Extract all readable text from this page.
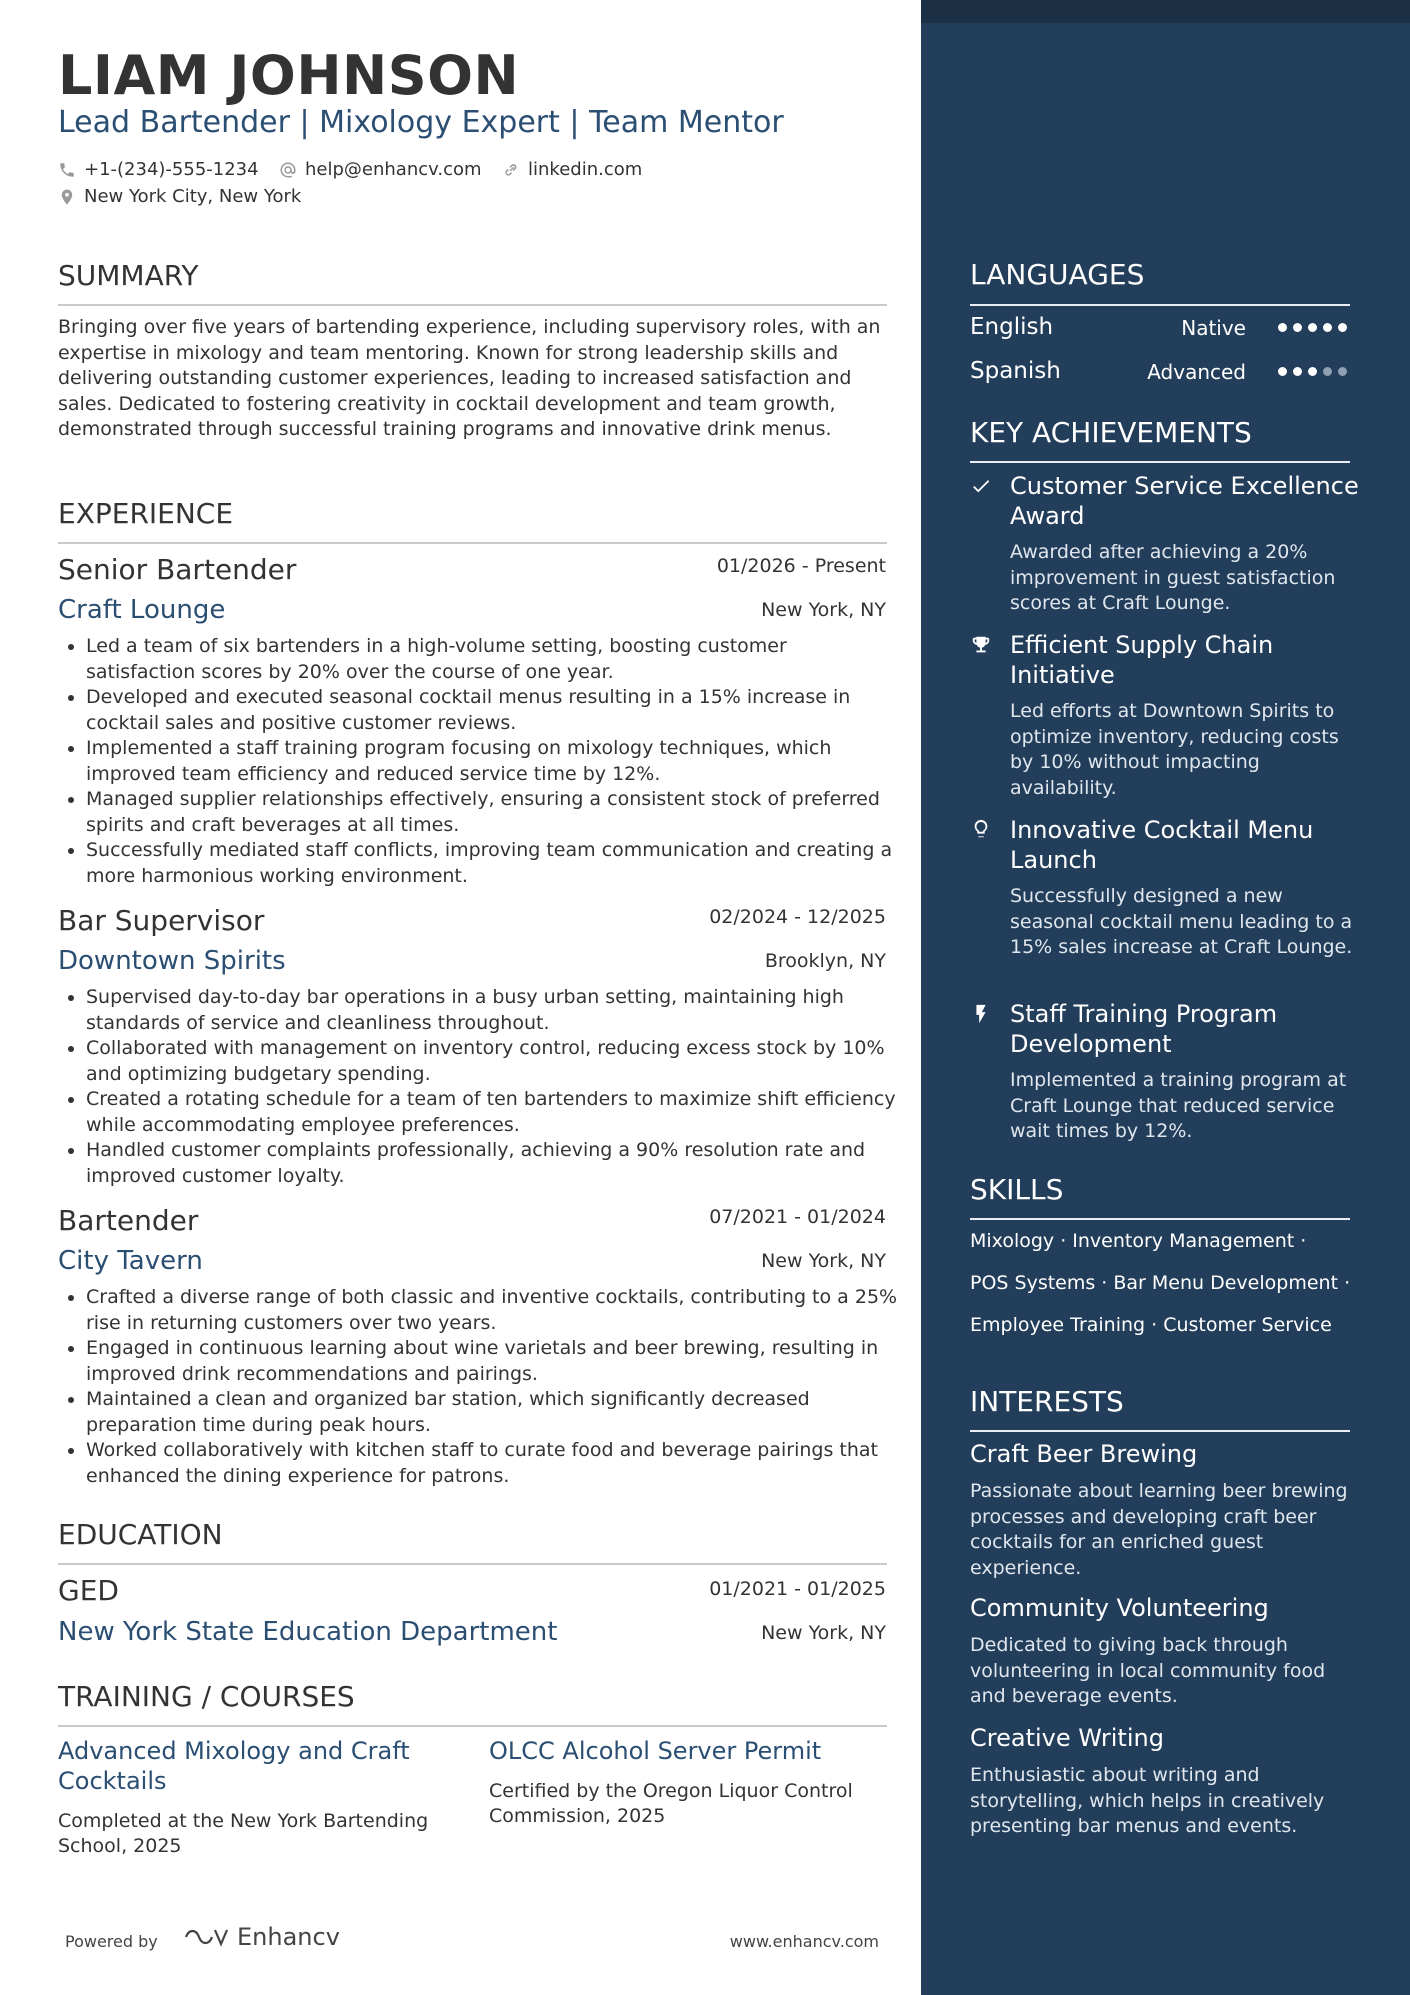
LIAM JOHNSON
Lead Bartender | Mixology Expert | Team Mentor
+1-(234)-555-1234	help@enhancv.com	linkedin.com
New York City, New York
SUMMARY
Bringing over five years of bartending experience, including supervisory roles, with an expertise in mixology and team mentoring. Known for strong leadership skills and delivering outstanding customer experiences, leading to increased satisfaction and sales. Dedicated to fostering creativity in cocktail development and team growth, demonstrated through successful training programs and innovative drink menus.
EXPERIENCE
Senior Bartender	01/2026 - Present
Craft Lounge	New York, NY
• Led a team of six bartenders in a high-volume setting, boosting customer satisfaction scores by 20% over the course of one year.
• Developed and executed seasonal cocktail menus resulting in a 15% increase in cocktail sales and positive customer reviews.
• Implemented a staff training program focusing on mixology techniques, which improved team efficiency and reduced service time by 12%.
• Managed supplier relationships effectively, ensuring a consistent stock of preferred spirits and craft beverages at all times.
• Successfully mediated staff conflicts, improving team communication and creating a more harmonious working environment.
Bar Supervisor	02/2024 - 12/2025
Downtown Spirits	Brooklyn, NY
• Supervised day-to-day bar operations in a busy urban setting, maintaining high standards of service and cleanliness throughout.
• Collaborated with management on inventory control, reducing excess stock by 10% and optimizing budgetary spending.
• Created a rotating schedule for a team of ten bartenders to maximize shift efficiency while accommodating employee preferences.
• Handled customer complaints professionally, achieving a 90% resolution rate and improved customer loyalty.
Bartender	07/2021 - 01/2024
City Tavern	New York, NY
• Crafted a diverse range of both classic and inventive cocktails, contributing to a 25% rise in returning customers over two years.
• Engaged in continuous learning about wine varietals and beer brewing, resulting in improved drink recommendations and pairings.
• Maintained a clean and organized bar station, which significantly decreased preparation time during peak hours.
• Worked collaboratively with kitchen staff to curate food and beverage pairings that enhanced the dining experience for patrons.
EDUCATION
GED	01/2021 - 01/2025
New York State Education Department	New York, NY
TRAINING / COURSES
Advanced Mixology and Craft Cocktails
Completed at the New York Bartending School, 2025
OLCC Alcohol Server Permit
Certified by the Oregon Liquor Control Commission, 2025
Powered by	Enhancv	www.enhancv.com
LANGUAGES
English	Native
Spanish	Advanced
KEY ACHIEVEMENTS
Customer Service Excellence Award
Awarded after achieving a 20% improvement in guest satisfaction scores at Craft Lounge.
Efficient Supply Chain Initiative
Led efforts at Downtown Spirits to optimize inventory, reducing costs by 10% without impacting availability.
Innovative Cocktail Menu Launch
Successfully designed a new seasonal cocktail menu leading to a 15% sales increase at Craft Lounge.
Staff Training Program Development
Implemented a training program at Craft Lounge that reduced service wait times by 12%.
SKILLS
Mixology · Inventory Management ·
POS Systems · Bar Menu Development ·
Employee Training · Customer Service
INTERESTS
Craft Beer Brewing
Passionate about learning beer brewing processes and developing craft beer cocktails for an enriched guest experience.
Community Volunteering
Dedicated to giving back through volunteering in local community food and beverage events.
Creative Writing
Enthusiastic about writing and storytelling, which helps in creatively presenting bar menus and events.
